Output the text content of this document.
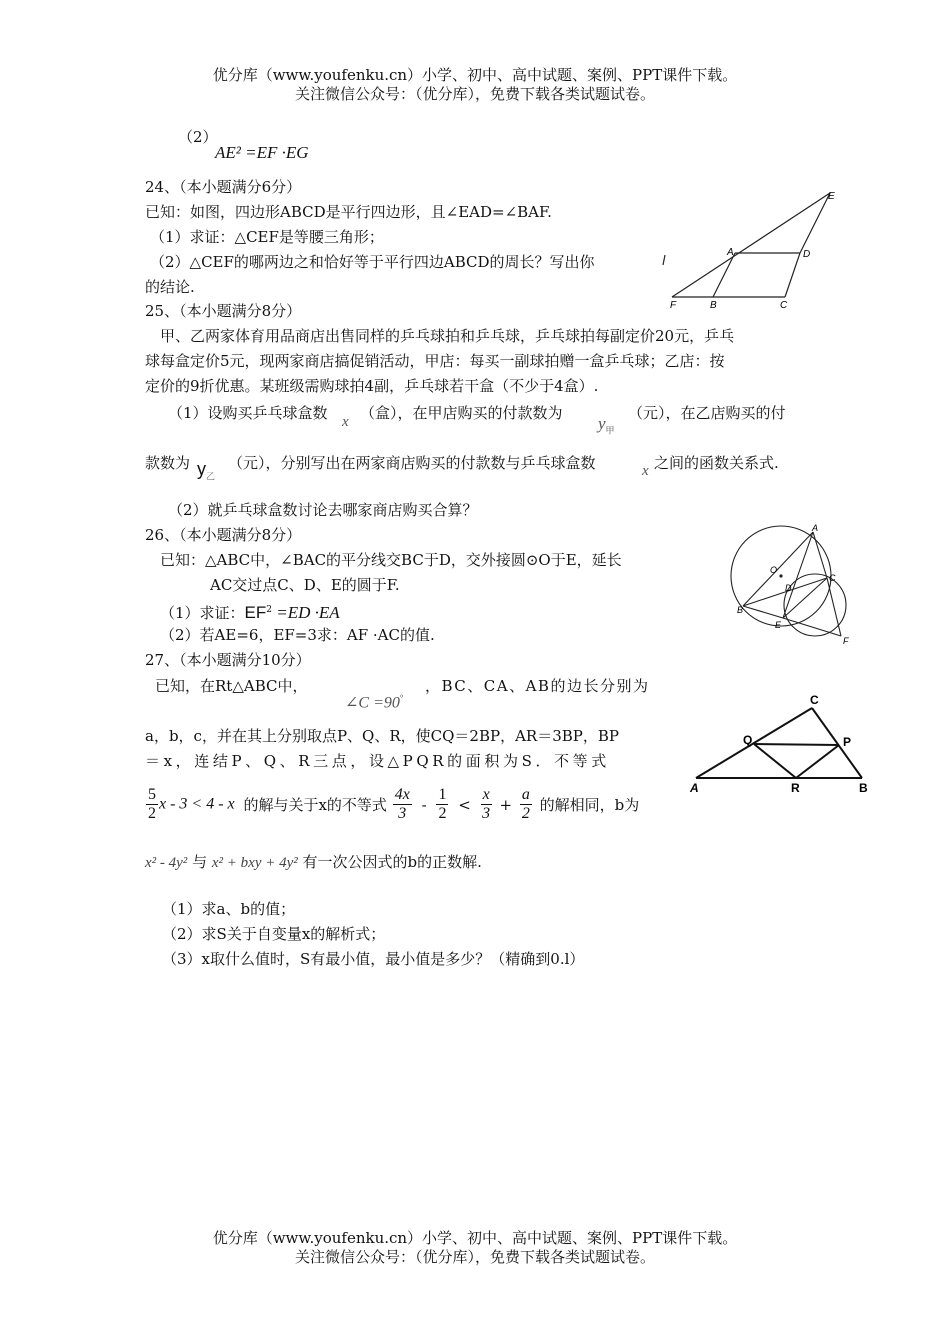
优分库（www.youfenku.cn）小学、初中、高中试题、案例、PPT课件下载。
关注微信公众号：（优分库），免费下载各类试题试卷。
（2）
AE² =EF ·EG
24、（本小题满分6分）
已知：如图，四边形ABCD是平行四边形，且∠EAD=∠BAF.
（1）求证：△CEF是等腰三角形；
（2）△CEF的哪两边之和恰好等于平行四边ABCD的周长？写出你
的结论.
E
A	D
F	B	C
25、（本小题满分8分）
甲、乙两家体育用品商店出售同样的乒乓球拍和乒乓球，乒乓球拍每副定价20元，乒乓
球每盒定价5元，现两家商店搞促销活动，甲店：每买一副球拍赠一盒乒乓球；乙店：按
定价的9折优惠。某班级需购球拍4副，乒乓球若干盒（不少于4盒）.
（1）设购买乒乓球盒数 x （盒），在甲店购买的付款数为
$y_甲$
（元），在乙店购买的付
款数为 $y_乙$
（元），分别写出在两家商店购买的付款数与乒乓球盒数	x 之间的函数关系式.
（2）就乒乓球盒数讨论去哪家商店购买合算？
26、（本小题满分8分）
已知：△ABC中，∠BAC的平分线交BC于D，交外接圆⊙O于E，延长
AC交过点C、D、E的圆于F.
（1）求证：$EF^2 =ED \cdot EA$
（2）若AE=6，EF=3求：AF ·AC的值.
A
O
D
C
B
E
F
27、（本小题满分10分）
已知，在Rt△ABC中，
∠C =90°
，BC、CA、AB的边长分别为
a，b，c，并在其上分别取点P、Q、R，使CQ＝2BP，AR＝3BP，BP
＝x，连结P、Q、R三点，设△PQR的面积为S．不等式
$\frac{5}{2}$ x - 3 < 4 - x 的解与关于x的不等式 $\frac{4x}{3} - \frac{1}{2} < \frac{x}{3} + \frac{a}{2}$ 的解相同，b为
x² - 4y² 与 x² + bxy + 4y² 有一次公因式的b的正数解.
（1）求a、b的值；
（2）求S关于自变量x的解析式；
（3）x取什么值时，S有最小值，最小值是多少？（精确到0.l）
C
Q	P
A	R	B
优分库（www.youfenku.cn）小学、初中、高中试题、案例、PPT课件下载。
关注微信公众号：（优分库），免费下载各类试题试卷。
